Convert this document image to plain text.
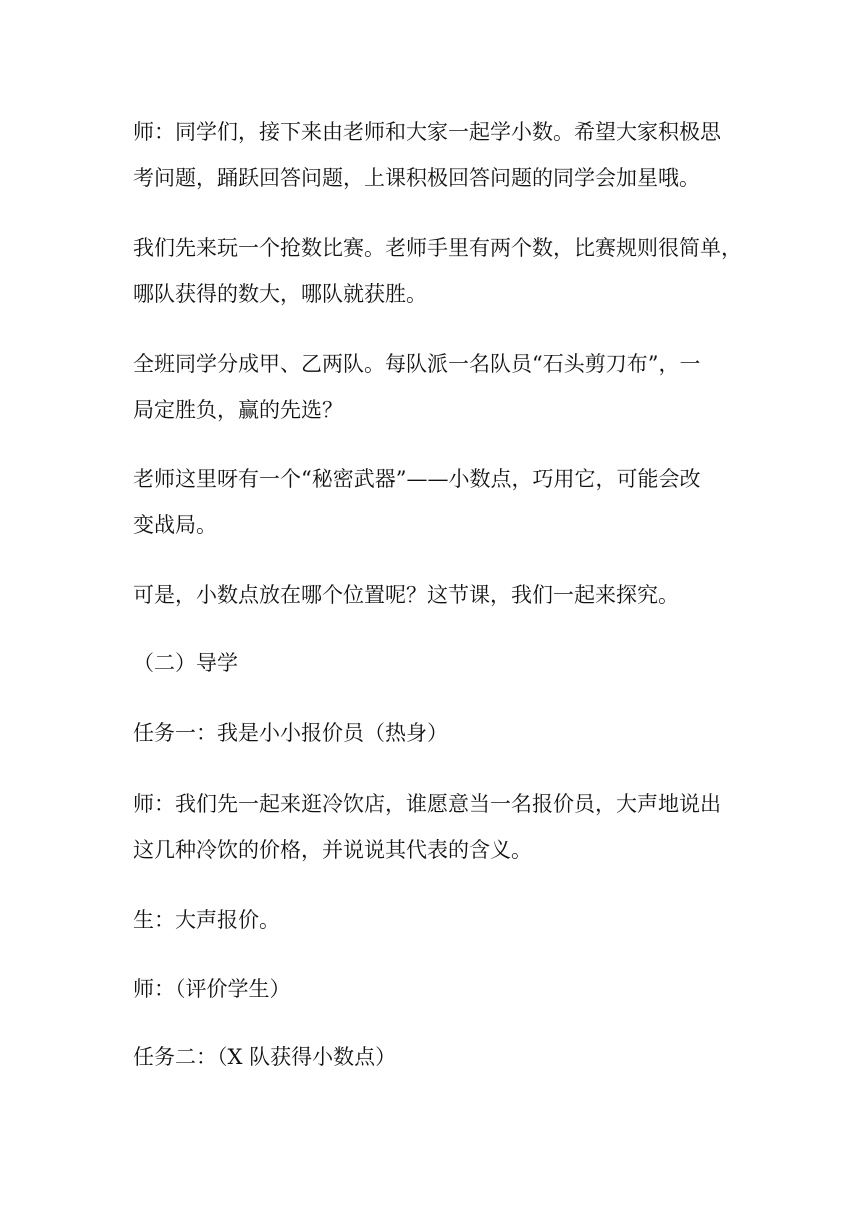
师：同学们，接下来由老师和大家一起学小数。希望大家积极思
考问题，踊跃回答问题，上课积极回答问题的同学会加星哦。

我们先来玩一个抢数比赛。老师手里有两个数，比赛规则很简单，
哪队获得的数大，哪队就获胜。

全班同学分成甲、乙两队。每队派一名队员“石头剪刀布”，一
局定胜负，赢的先选？

老师这里呀有一个“秘密武器”——小数点，巧用它，可能会改
变战局。

可是，小数点放在哪个位置呢？这节课，我们一起来探究。

（二）导学

任务一：我是小小报价员（热身）

师：我们先一起来逛冷饮店，谁愿意当一名报价员，大声地说出
这几种冷饮的价格，并说说其代表的含义。

生：大声报价。

师：（评价学生）

任务二：（X 队获得小数点）
